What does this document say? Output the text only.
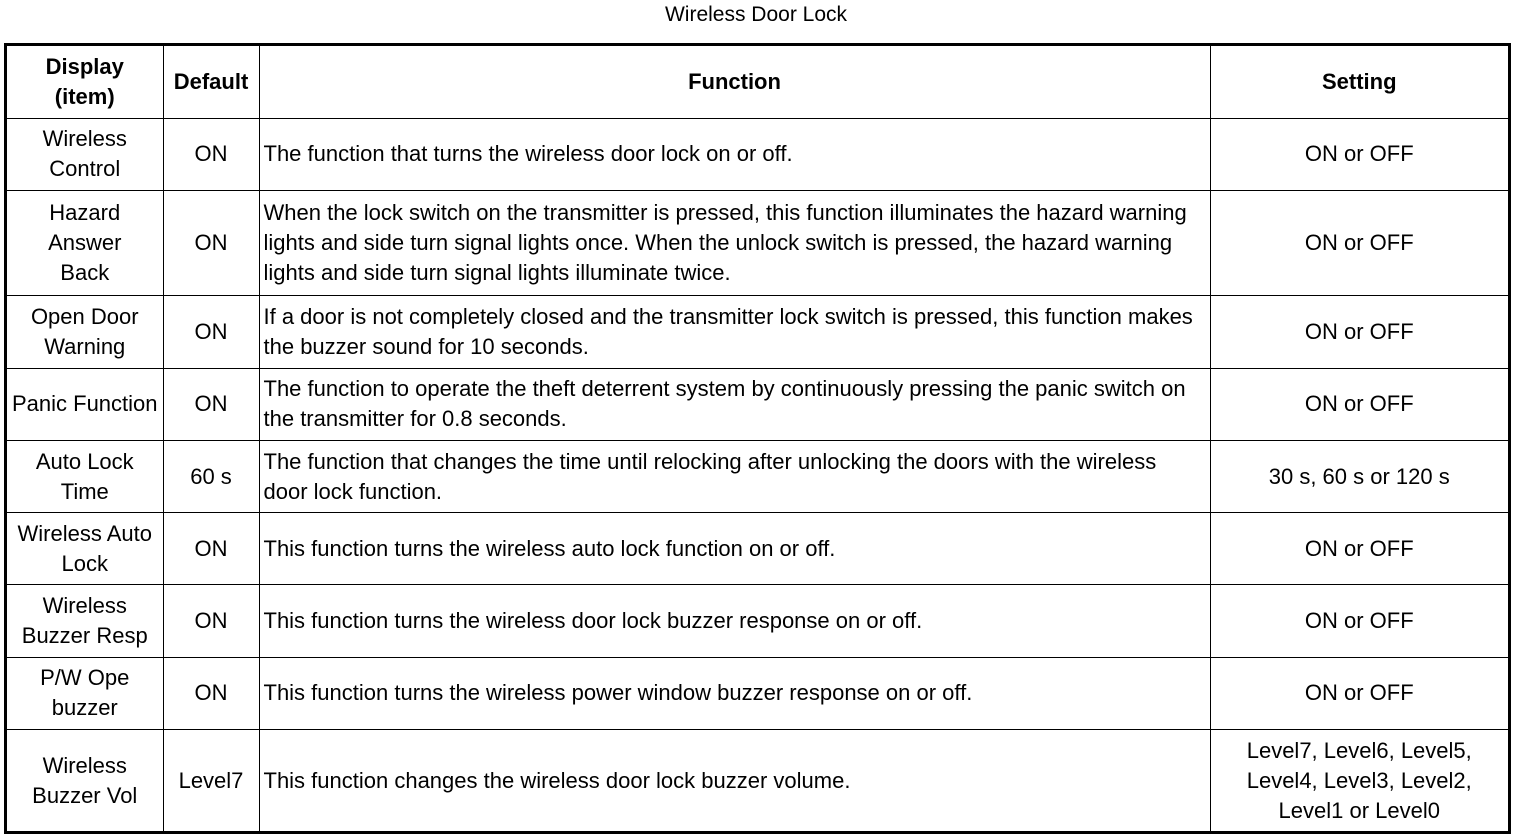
Wireless Door Lock
Display (item)	Default	Function	Setting
Wireless Control	ON	The function that turns the wireless door lock on or off.	ON or OFF
Hazard Answer Back	ON	When the lock switch on the transmitter is pressed, this function illuminates the hazard warning lights and side turn signal lights once. When the unlock switch is pressed, the hazard warning lights and side turn signal lights illuminate twice.	ON or OFF
Open Door Warning	ON	If a door is not completely closed and the transmitter lock switch is pressed, this function makes the buzzer sound for 10 seconds.	ON or OFF
Panic Function	ON	The function to operate the theft deterrent system by continuously pressing the panic switch on the transmitter for 0.8 seconds.	ON or OFF
Auto Lock Time	60 s	The function that changes the time until relocking after unlocking the doors with the wireless door lock function.	30 s, 60 s or 120 s
Wireless Auto Lock	ON	This function turns the wireless auto lock function on or off.	ON or OFF
Wireless Buzzer Resp	ON	This function turns the wireless door lock buzzer response on or off.	ON or OFF
P/W Ope buzzer	ON	This function turns the wireless power window buzzer response on or off.	ON or OFF
Wireless Buzzer Vol	Level7	This function changes the wireless door lock buzzer volume.	Level7, Level6, Level5, Level4, Level3, Level2, Level1 or Level0
